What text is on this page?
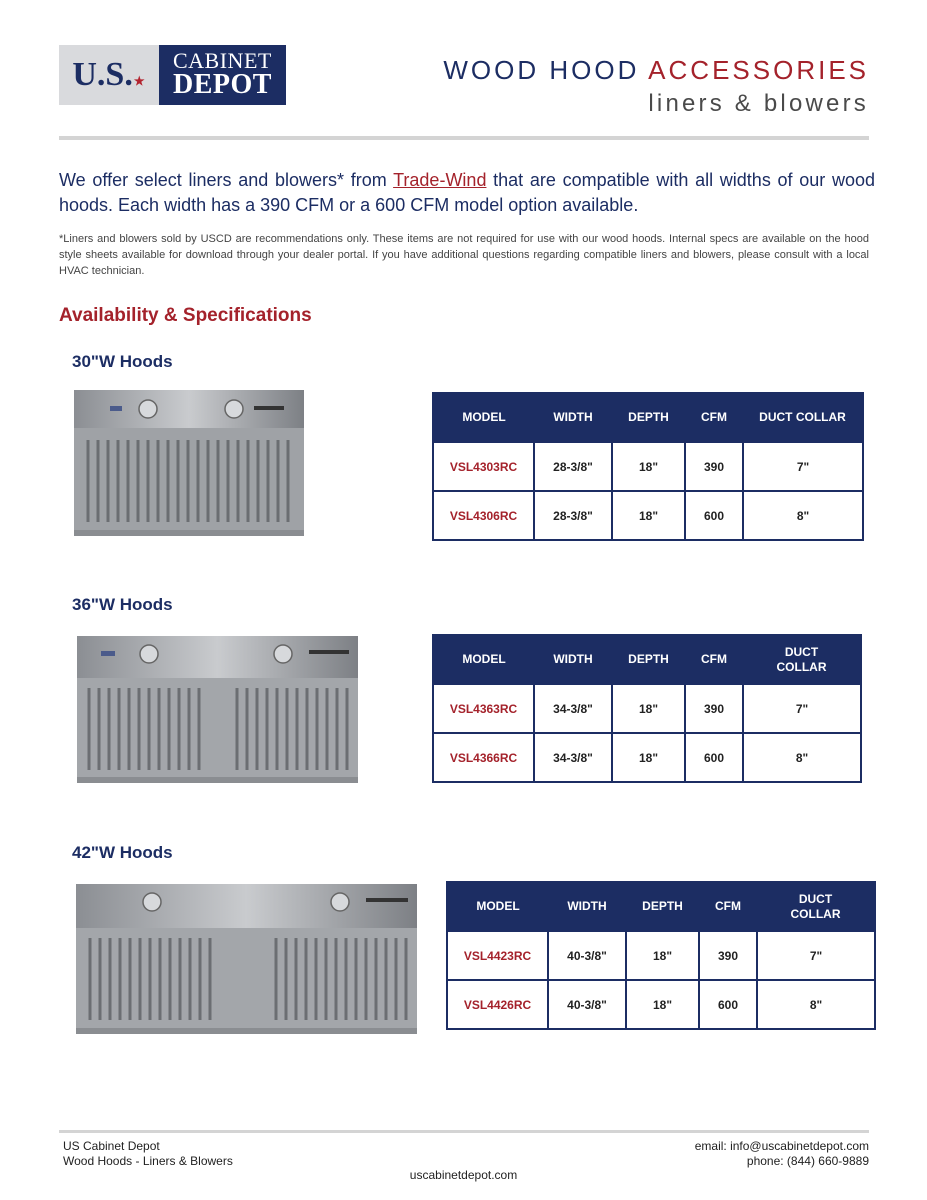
U.S. ★
CABINET
DEPOT	WOOD HOOD ACCESSORIES
liners & blowers

We offer select liners and blowers* from Trade-Wind that are compatible with all widths of our wood hoods. Each width has a 390 CFM or a 600 CFM model option available.

*Liners and blowers sold by USCD are recommendations only. These items are not required for use with our wood hoods. Internal specs are available on the hood style sheets available for download through your dealer portal. If you have additional questions regarding compatible liners and blowers, please consult with a local HVAC technician.

Availability & Specifications
30"W Hoods
MODEL	WIDTH	DEPTH	CFM	DUCT COLLAR
VSL4303RC	28-3/8"	18"	390	7"
VSL4306RC	28-3/8"	18"	600	8"
36"W Hoods
MODEL	WIDTH	DEPTH	CFM	DUCT COLLAR
VSL4363RC	34-3/8"	18"	390	7"
VSL4366RC	34-3/8"	18"	600	8"
42"W Hoods
MODEL	WIDTH	DEPTH	CFM	DUCT COLLAR
VSL4423RC	40-3/8"	18"	390	7"
VSL4426RC	40-3/8"	18"	600	8"
US Cabinet Depot
Wood Hoods - Liners & Blowers
email: info@uscabinetdepot.com
phone: (844) 660-9889
uscabinetdepot.com
